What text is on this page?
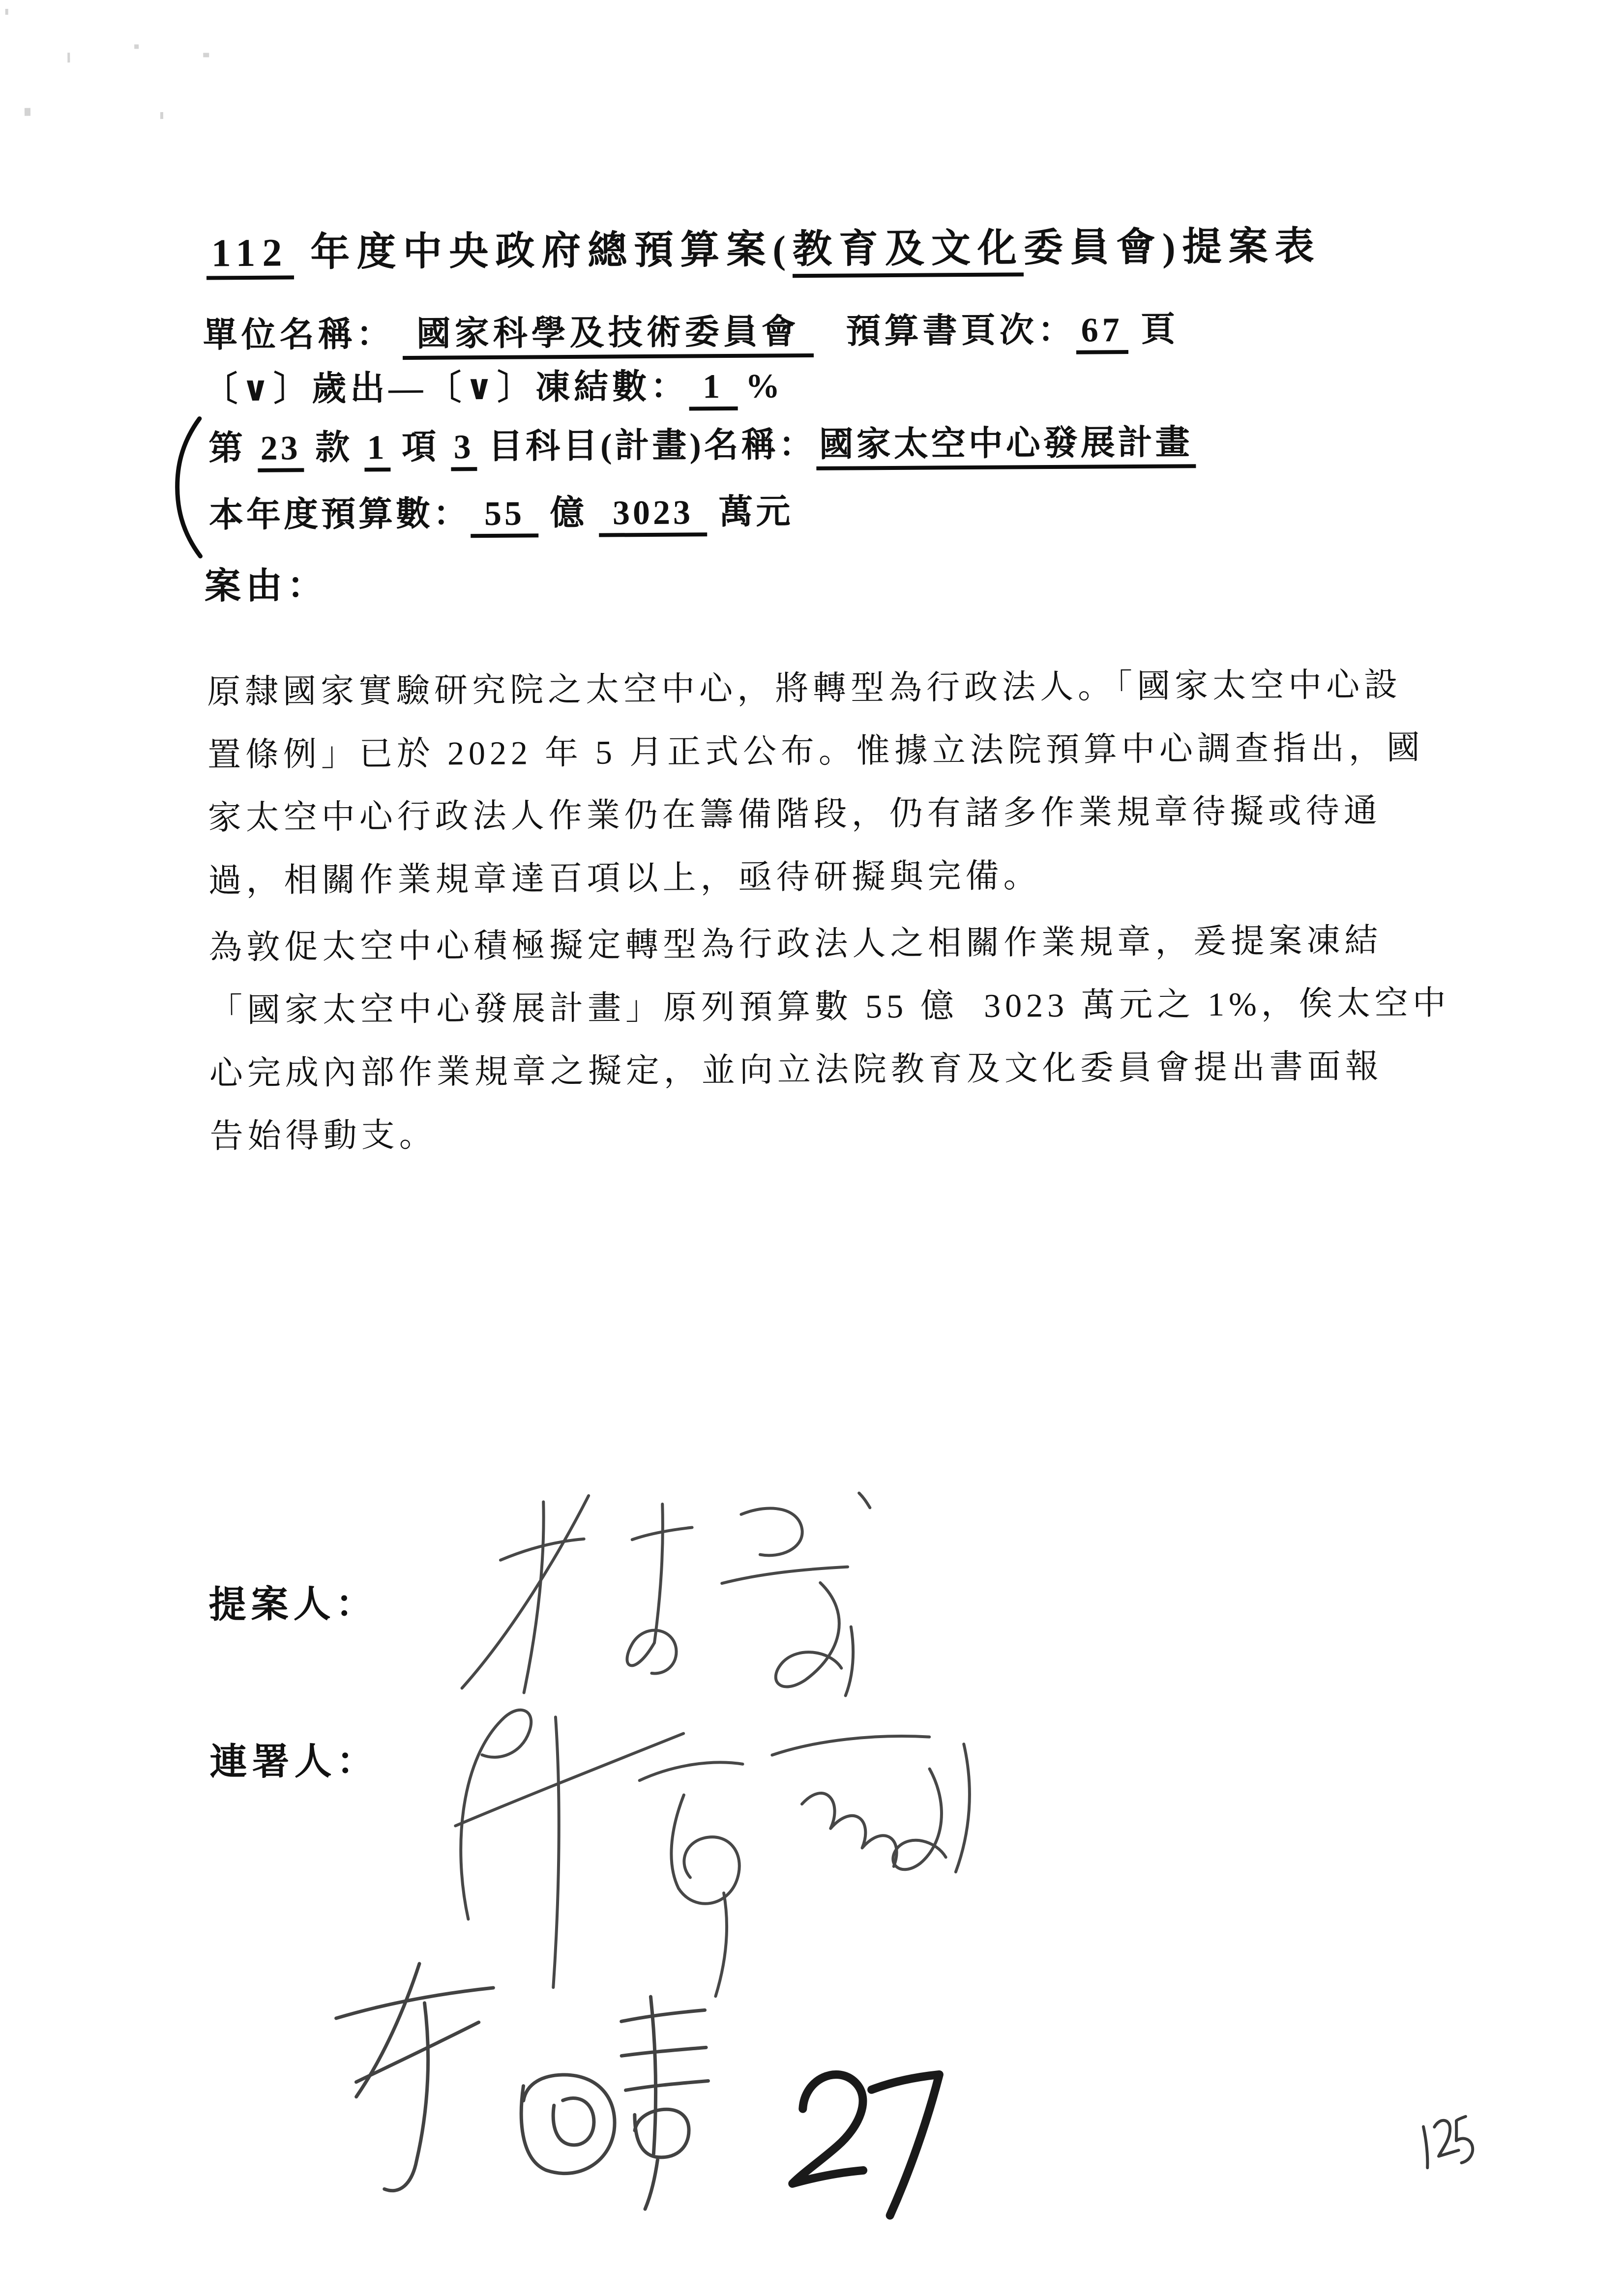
112 年度中央政府總預算案(教育及文化委員會)提案表
單位名稱： 國家科學及技術委員會 預算書頁次： 67 頁
〔∨〕歲出—〔∨〕凍結數： 1 %
第 23 款 1 項 3 目科目(計畫)名稱：國家太空中心發展計畫
本年度預算數： 55 億 3023 萬元
案由：
原隸國家實驗研究院之太空中心，將轉型為行政法人。「國家太空中心設
置條例」已於 2022 年 5 月正式公布。惟據立法院預算中心調查指出，國
家太空中心行政法人作業仍在籌備階段，仍有諸多作業規章待擬或待通
過，相關作業規章達百項以上，亟待研擬與完備。
為敦促太空中心積極擬定轉型為行政法人之相關作業規章，爰提案凍結
「國家太空中心發展計畫」原列預算數 55 億  3023 萬元之 1%，俟太空中
心完成內部作業規章之擬定，並向立法院教育及文化委員會提出書面報
告始得動支。
提案人：
連署人：
